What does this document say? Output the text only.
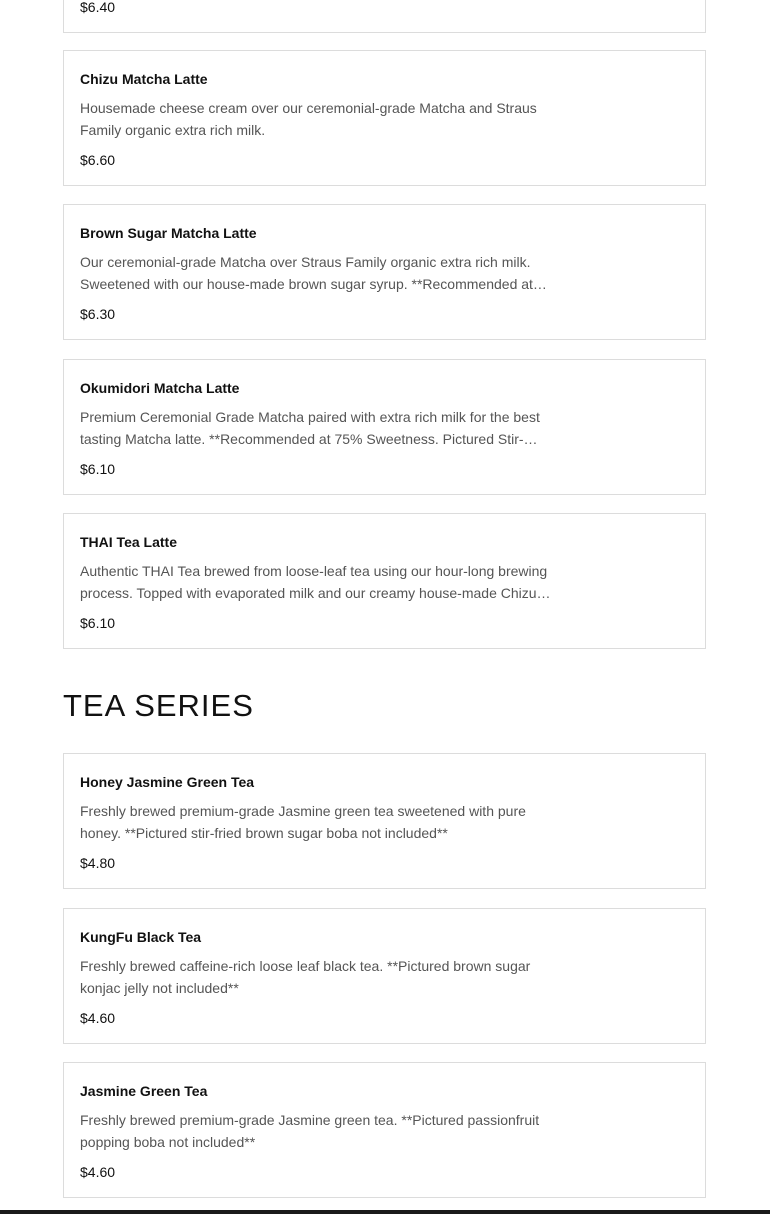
$6.40
Chizu Matcha Latte
Housemade cheese cream over our ceremonial-grade Matcha and Straus Family organic extra rich milk.
$6.60
Brown Sugar Matcha Latte
Our ceremonial-grade Matcha over Straus Family organic extra rich milk. Sweetened with our house-made brown sugar syrup. **Recommended at…
$6.30
Okumidori Matcha Latte
Premium Ceremonial Grade Matcha paired with extra rich milk for the best tasting Matcha latte. **Recommended at 75% Sweetness. Pictured Stir-…
$6.10
THAI Tea Latte
Authentic THAI Tea brewed from loose-leaf tea using our hour-long brewing process. Topped with evaporated milk and our creamy house-made Chizu…
$6.10
TEA SERIES
Honey Jasmine Green Tea
Freshly brewed premium-grade Jasmine green tea sweetened with pure honey. **Pictured stir-fried brown sugar boba not included**
$4.80
KungFu Black Tea
Freshly brewed caffeine-rich loose leaf black tea. **Pictured brown sugar konjac jelly not included**
$4.60
Jasmine Green Tea
Freshly brewed premium-grade Jasmine green tea. **Pictured passionfruit popping boba not included**
$4.60
